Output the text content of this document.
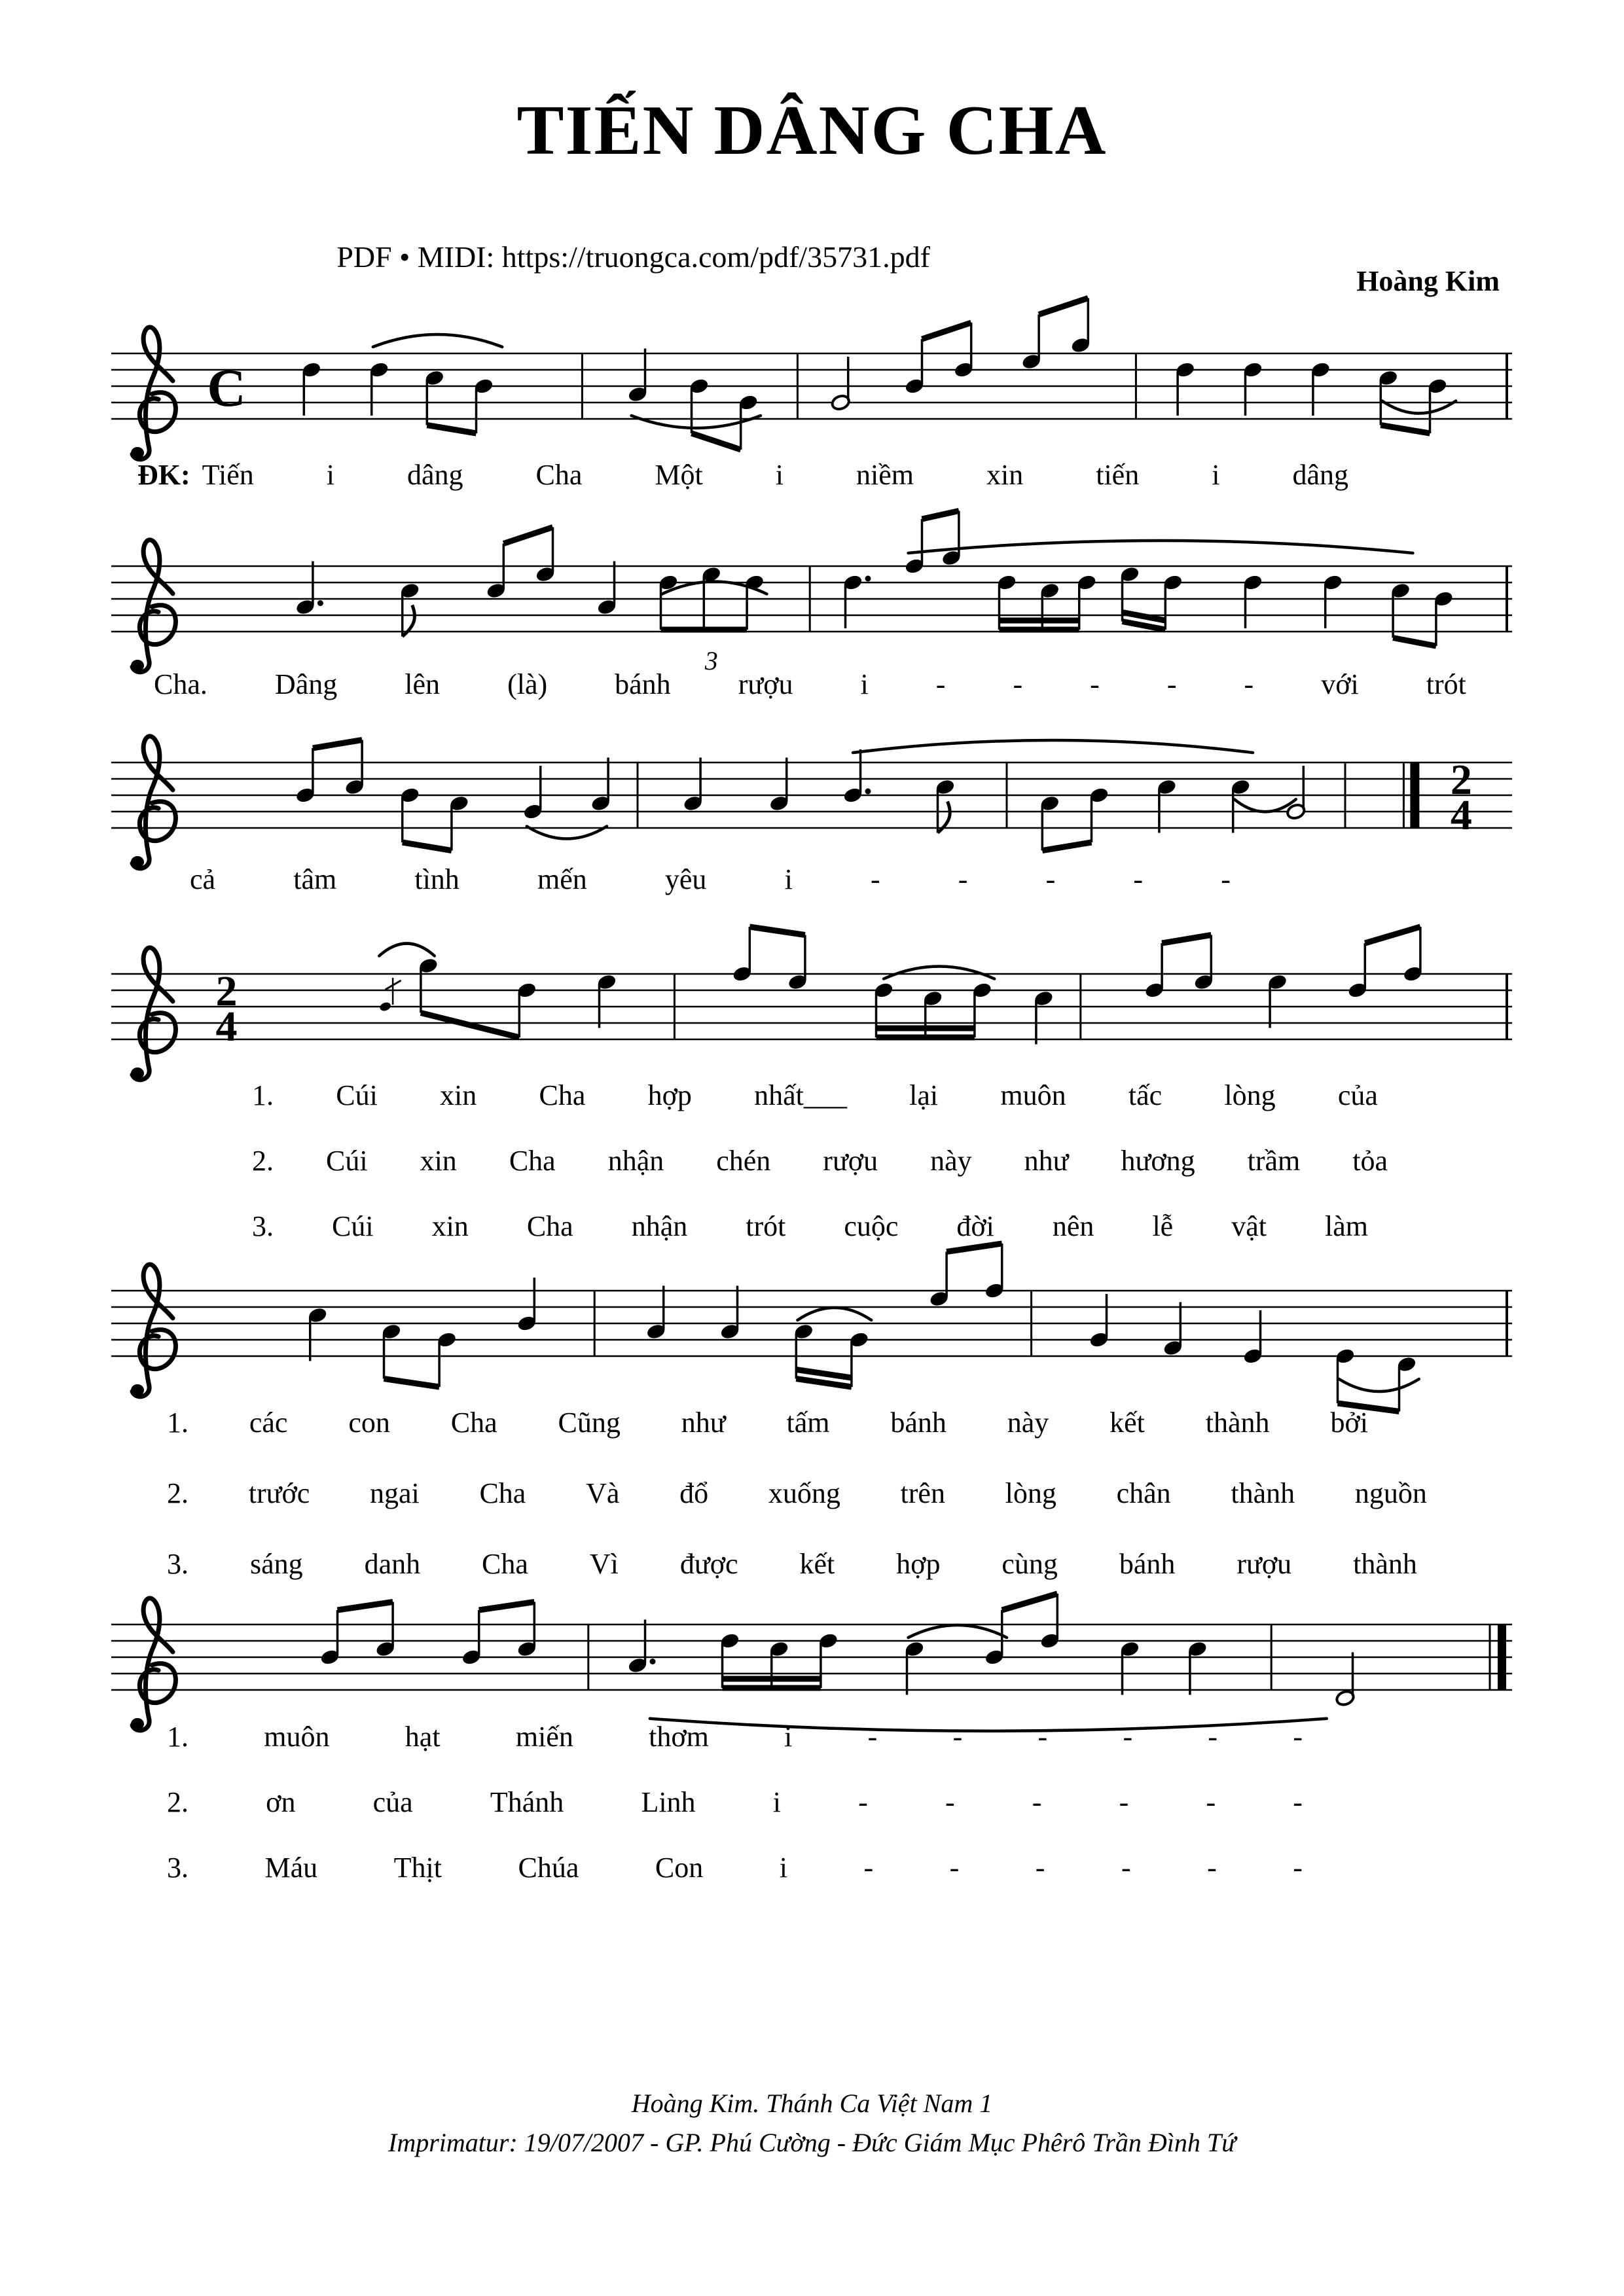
TIẾN DÂNG CHA
PDF • MIDI: https://truongca.com/pdf/35731.pdf
Hoàng Kim
C
3
2
4
2
4
ĐK: Tiến	i	dâng	Cha	Một	i	niềm	xin	tiến	i	dâng
Cha. Dâng lên (là) bánh rượu i - - - - - với trót
cả	tâm	tình	mến	yêu	i	-	-	-	-	-
1. Cúi xin Cha hợp nhất___ lại muôn tấc lòng của
2. Cúi xin Cha nhận chén rượu này như hương trầm tỏa
3. Cúi xin Cha nhận trót cuộc đời nên lễ vật làm
1. các con Cha Cũng như tấm bánh này kết thành bởi
2. trước ngai Cha Và đổ xuống trên lòng chân thành nguồn
3. sáng danh Cha Vì được kết hợp cùng bánh rượu thành
1.	muôn	hạt	miến	thơm	i	-	-	-	-	-	-
2.	ơn	của	Thánh	Linh	i	-	-	-	-	-	-
3.	Máu	Thịt	Chúa	Con	i	-	-	-	-	-	-
Hoàng Kim. Thánh Ca Việt Nam 1
Imprimatur: 19/07/2007 - GP. Phú Cường - Đức Giám Mục Phêrô Trần Đình Tứ
